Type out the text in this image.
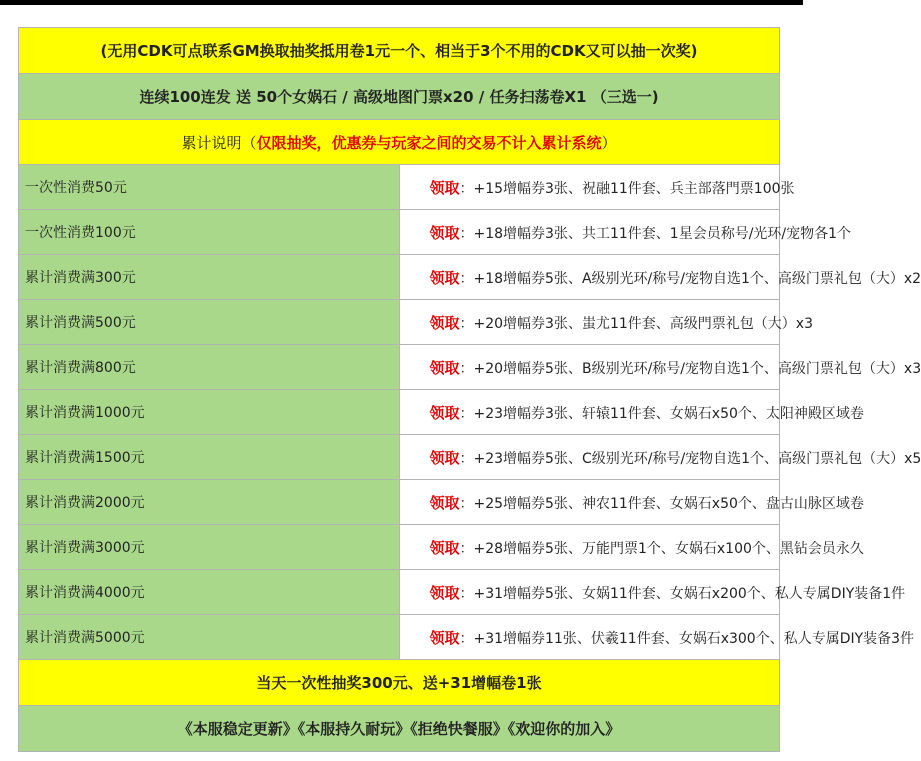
(无用CDK可点联系GM换取抽奖抵用卷1元一个、相当于3个不用的CDK又可以抽一次奖)	
连续100连发 送 50个女娲石 / 高级地图门票x20 / 任务扫荡卷X1 （三选一)	
累计说明（仅限抽奖，优惠券与玩家之间的交易不计入累计系统）	
一次性消费50元	领取：+15增幅券3张、祝融11件套、兵主部落門票100张
一次性消费100元	领取：+18增幅券3张、共工11件套、1星会员称号/光环/宠物各1个
累计消费满300元	领取：+18增幅券5张、A级别光环/称号/宠物自选1个、高级门票礼包（大）x2
累计消费满500元	领取：+20增幅券3张、蚩尤11件套、高级門票礼包（大）x3
累计消费满800元	领取：+20增幅券5张、B级别光环/称号/宠物自选1个、高级门票礼包（大）x3
累计消费满1000元	领取：+23增幅券3张、轩辕11件套、女娲石x50个、太阳神殿区域卷
累计消费满1500元	领取：+23增幅券5张、C级别光环/称号/宠物自选1个、高级门票礼包（大）x5
累计消费满2000元	领取：+25增幅券5张、神农11件套、女娲石x50个、盘古山脉区域卷
累计消费满3000元	领取：+28增幅券5张、万能門票1个、女娲石x100个、黑钻会员永久
累计消费满4000元	领取：+31增幅券5张、女娲11件套、女娲石x200个、私人专属DIY装备1件
累计消费满5000元	领取：+31增幅券11张、伏羲11件套、女娲石x300个、私人专属DIY装备3件
当天一次性抽奖300元、送+31增幅卷1张	
《本服稳定更新》《本服持久耐玩》《拒绝快餐服》《欢迎你的加入》	
